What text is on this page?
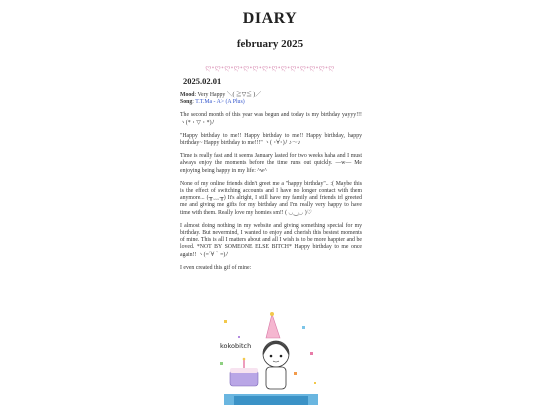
DIARY
february 2025
ღ•ღ•ღ•ღ•ღ•ღ•ღ•ღ•ღ•ღ•ღ•ღ•ღ•ღ
2025.02.01

Mood: Very Happy ＼( ≧▽≦ )／
Song: T.T.Ma - A> (A Plus)

The second month of this year was begun and today is my birthday yayyy!!! ヽ(*・▽・*)ﾉ

"Happy birthday to me!! Happy birthday to me!! Happy birthday, happy birthday~ Happy birthday to me!!!" ヽ( ･∀･)ﾉ ♪～♪

Time is really fast and it seems January lasted for two weeks haha and I must always enjoy the moments before the time runs out quickly. —w— Me enjoying being happy in my life: ^w^

None of my online friends didn't greet me a "happy birthday".. :( Maybe this is the effect of switching accounts and I have no longer contact with them anymore... (╥﹏╥) It's alright, I still have my family and friends irl greeted me and giving me gifts for my birthday and I'm really very happy to have time with them. Really love my homies sm!! ( ◡‿◡ )♡

I almost doing nothing in my website and giving something special for my birthday. But nevermind, I wanted to enjoy and cherish this bestest moments of mine. This is all I matters about and all I wish is to be more happier and be loved. *NOT BY SOMEONE ELSE BITCH* Happy birthday to me once again!! ヽ(=´∀｀=)ﾉ

I even created this gif of mine:

kokobitch
